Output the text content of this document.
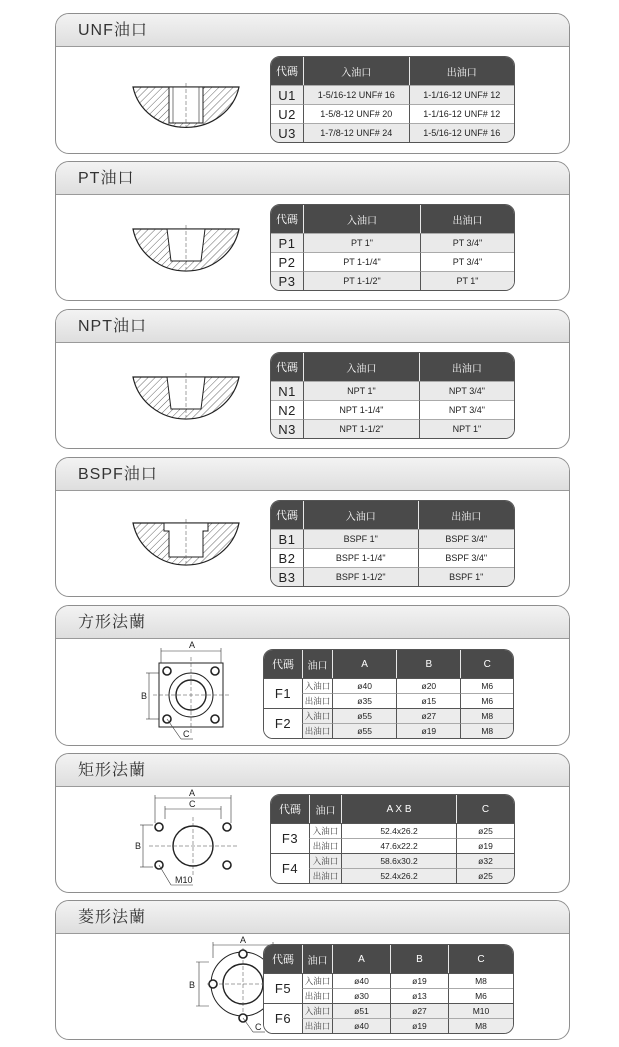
UNF油口
代碼	入油口	出油口
U1	1-5/16-12 UNF# 16	1-1/16-12 UNF# 12
U2	1-5/8-12 UNF# 20	1-1/16-12 UNF# 12
U3	1-7/8-12 UNF# 24	1-5/16-12 UNF# 16
PT油口
代碼	入油口	出油口
P1	PT 1"	PT 3/4"
P2	PT 1-1/4"	PT 3/4"
P3	PT 1-1/2"	PT 1"
NPT油口
代碼	入油口	出油口
N1	NPT 1"	NPT 3/4"
N2	NPT 1-1/4"	NPT 3/4"
N3	NPT 1-1/2"	NPT 1"
BSPF油口
代碼	入油口	出油口
B1	BSPF 1"	BSPF 3/4"
B2	BSPF 1-1/4"	BSPF 3/4"
B3	BSPF 1-1/2"	BSPF 1"
方形法蘭
A
B
C
代碼	油口	A	B	C
F1	入油口	ø40	ø20	M6
	出油口	ø35	ø15	M6
F2	入油口	ø55	ø27	M8
	出油口	ø55	ø19	M8
矩形法蘭
A
C
B
M10
代碼	油口	A X B	C
F3	入油口	52.4x26.2	ø25
	出油口	47.6x22.2	ø19
F4	入油口	58.6x30.2	ø32
	出油口	52.4x26.2	ø25
菱形法蘭
A
B
C
代碼	油口	A	B	C
F5	入油口	ø40	ø19	M8
	出油口	ø30	ø13	M6
F6	入油口	ø51	ø27	M10
	出油口	ø40	ø19	M8
